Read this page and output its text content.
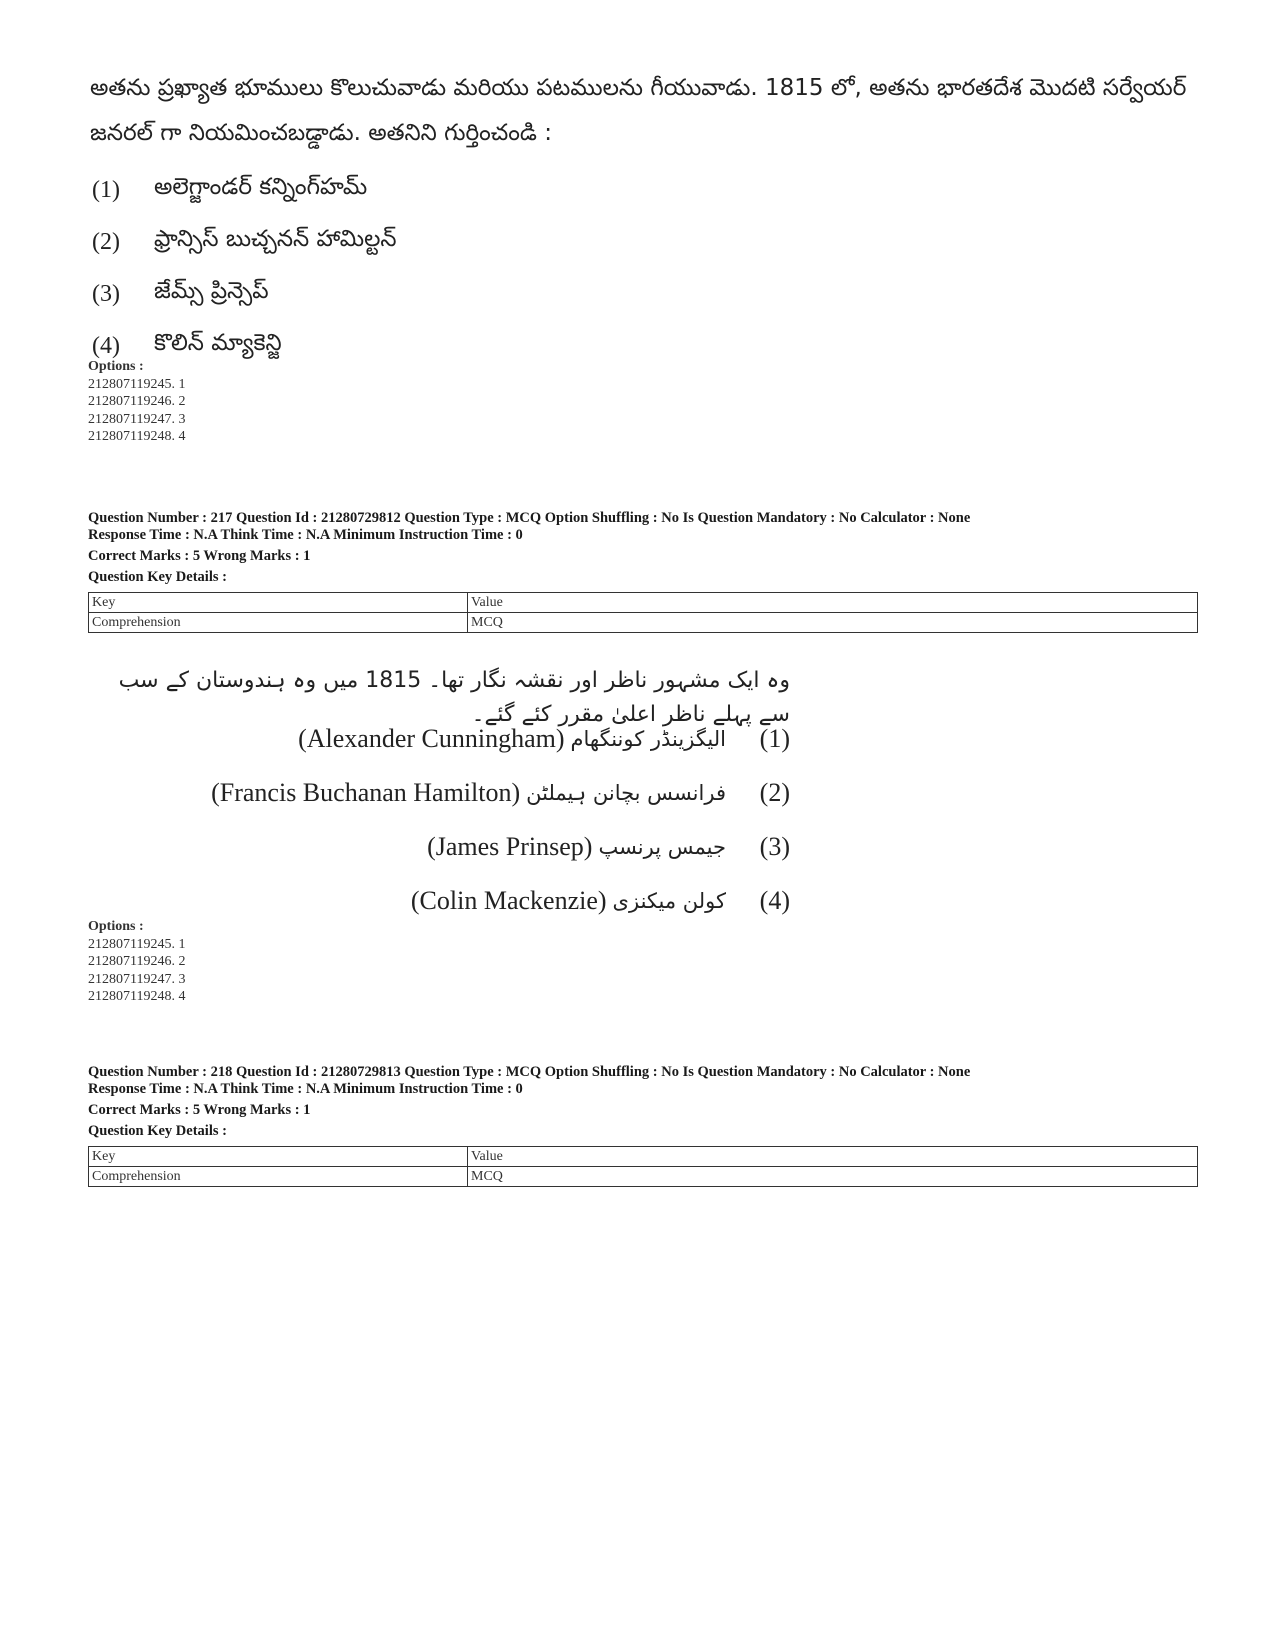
అతను ప్రఖ్యాత భూములు కొలుచువాడు మరియు పటములను గీయువాడు. 1815 లో, అతను భారతదేశ మొదటి సర్వేయర్ జనరల్ గా నియమించబడ్డాడు. అతనిని గుర్తించండి :
(1)	అలెగ్జాండర్ కన్నింగ్‌హమ్
(2)	ఫ్రాన్సిస్ బుచ్చనన్ హామిల్టన్
(3)	జేమ్స్ ప్రిన్సెప్
(4)	కొలిన్ మ్యాకెన్జి
Options :
212807119245. 1
212807119246. 2
212807119247. 3
212807119248. 4
Question Number : 217 Question Id : 21280729812 Question Type : MCQ Option Shuffling : No Is Question Mandatory : No Calculator : None
Response Time : N.A Think Time : N.A Minimum Instruction Time : 0
Correct Marks : 5 Wrong Marks : 1
Question Key Details :
Key	Value
Comprehension	MCQ
وہ ایک مشہور ناظر اور نقشہ نگار تھا۔ 1815 میں وہ ہندوستان کے سب سے پہلے ناظر اعلیٰ مقرر کئے گئے۔
(Alexander Cunningham) الیگزینڈر کوننگھام	(1)
(Francis Buchanan Hamilton) فرانسس بچانن ہیملٹن	(2)
(James Prinsep) جیمس پرنسپ	(3)
(Colin Mackenzie) کولن میکنزی	(4)
Options :
212807119245. 1
212807119246. 2
212807119247. 3
212807119248. 4
Question Number : 218 Question Id : 21280729813 Question Type : MCQ Option Shuffling : No Is Question Mandatory : No Calculator : None
Response Time : N.A Think Time : N.A Minimum Instruction Time : 0
Correct Marks : 5 Wrong Marks : 1
Question Key Details :
Key	Value
Comprehension	MCQ
